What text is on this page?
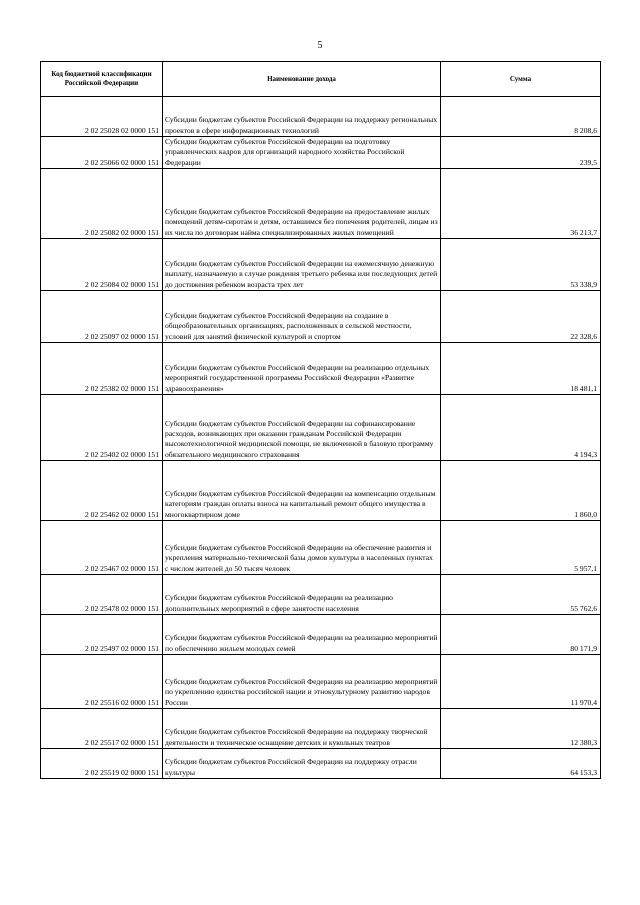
5
Код бюджетной классификации Российской Федерации	Наименование дохода	Сумма
2 02 25028 02 0000 151	Субсидии бюджетам субъектов Российской Федерации на поддержку региональных проектов в сфере информационных технологий	8 208,6
2 02 25066 02 0000 151	Субсидии бюджетам субъектов Российской Федерации на подготовку управленческих кадров для организаций народного хозяйства Российской Федерации	239,5
2 02 25082 02 0000 151	Субсидии бюджетам субъектов Российской Федерации на предоставление жилых помещений детям-сиротам и детям, оставшимся без попечения родителей, лицам из их числа по договорам найма специализированных жилых помещений	36 213,7
2 02 25084 02 0000 151	Субсидии бюджетам субъектов Российской Федерации на ежемесячную денежную выплату, назначаемую в случае рождения третьего ребенка или последующих детей до достижения ребенком возраста трех лет	53 338,9
2 02 25097 02 0000 151	Субсидии бюджетам субъектов Российской Федерации на создание в общеобразовательных организациях, расположенных в сельской местности, условий для занятий физической культурой и спортом	22 328,6
2 02 25382 02 0000 151	Субсидии бюджетам субъектов Российской Федерации на реализацию отдельных мероприятий государственной программы Российской Федерации «Развитие здравоохранения»	18 481,1
2 02 25402 02 0000 151	Субсидии бюджетам субъектов Российской Федерации на софинансирование расходов, возникающих при оказании гражданам Российской Федерации высокотехнологичной медицинской помощи, не включенной в базовую программу обязательного медицинского страхования	4 194,3
2 02 25462 02 0000 151	Субсидии бюджетам субъектов Российской Федерации на компенсацию отдельным категориям граждан оплаты взноса на капитальный ремонт общего имущества в многоквартирном доме	1 860,0
2 02 25467 02 0000 151	Субсидии бюджетам субъектов Российской Федерации на обеспечение развития и укрепления материально-технической базы домов культуры в населенных пунктах с числом жителей до 50 тысяч человек	5 957,1
2 02 25478 02 0000 151	Субсидии бюджетам субъектов Российской Федерации на реализацию дополнительных мероприятий в сфере занятости населения	55 762,6
2 02 25497 02 0000 151	Субсидии бюджетам субъектов Российской Федерации на реализацию мероприятий по обеспечению жильем молодых семей	80 171,9
2 02 25516 02 0000 151	Субсидии бюджетам субъектов Российской Федерации на реализацию мероприятий по укреплению единства российской нации и этнокультурному развитию народов России	11 970,4
2 02 25517 02 0000 151	Субсидии бюджетам субъектов Российской Федерации на поддержку творческой деятельности и техническое оснащение детских и кукольных театров	12 380,3
2 02 25519 02 0000 151	Субсидии бюджетам субъектов Российской Федерации на поддержку отрасли культуры	64 153,3
